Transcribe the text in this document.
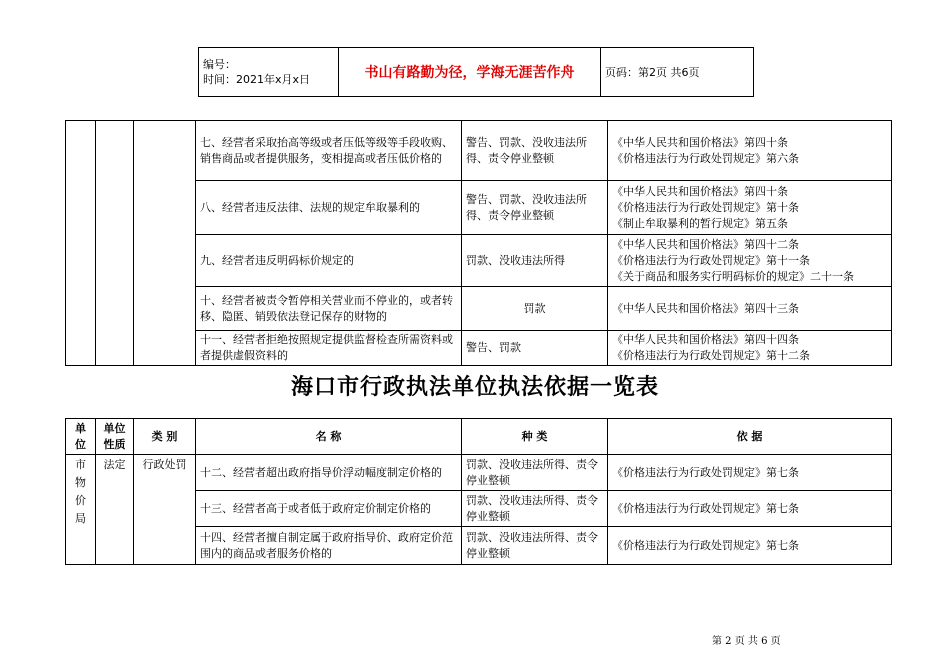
编号：
时间：2021年x月x日	书山有路勤为径，学海无涯苦作舟	页码：第2页 共6页
			七、经营者采取抬高等级或者压低等级等手段收购、销售商品或者提供服务，变相提高或者压低价格的	警告、罚款、没收违法所得、责令停业整顿	《中华人民共和国价格法》第四十条
《价格违法行为行政处罚规定》第六条

			八、经营者违反法律、法规的规定牟取暴利的	警告、罚款、没收违法所得、责令停业整顿	《中华人民共和国价格法》第四十条
《价格违法行为行政处罚规定》第十条
《制止牟取暴利的暂行规定》第五条

			九、经营者违反明码标价规定的	罚款、没收违法所得	《中华人民共和国价格法》第四十二条
《价格违法行为行政处罚规定》第十一条
《关于商品和服务实行明码标价的规定》二十一条

			十、经营者被责令暂停相关营业而不停业的，或者转移、隐匿、销毁依法登记保存的财物的	罚款	《中华人民共和国价格法》第四十三条

			十一、经营者拒绝按照规定提供监督检查所需资料或者提供虚假资料的	警告、罚款	《中华人民共和国价格法》第四十四条
《价格违法行为行政处罚规定》第十二条
海口市行政执法单位执法依据一览表
单位	单位性质	类 别	名 称	种 类	依 据
市物价局	法定	行政处罚	十二、经营者超出政府指导价浮动幅度制定价格的	罚款、没收违法所得、责令停业整顿	《价格违法行为行政处罚规定》第七条
			十三、经营者高于或者低于政府定价制定价格的	罚款、没收违法所得、责令停业整顿	《价格违法行为行政处罚规定》第七条
			十四、经营者擅自制定属于政府指导价、政府定价范围内的商品或者服务价格的	罚款、没收违法所得、责令停业整顿	《价格违法行为行政处罚规定》第七条
第 2 页 共 6 页
